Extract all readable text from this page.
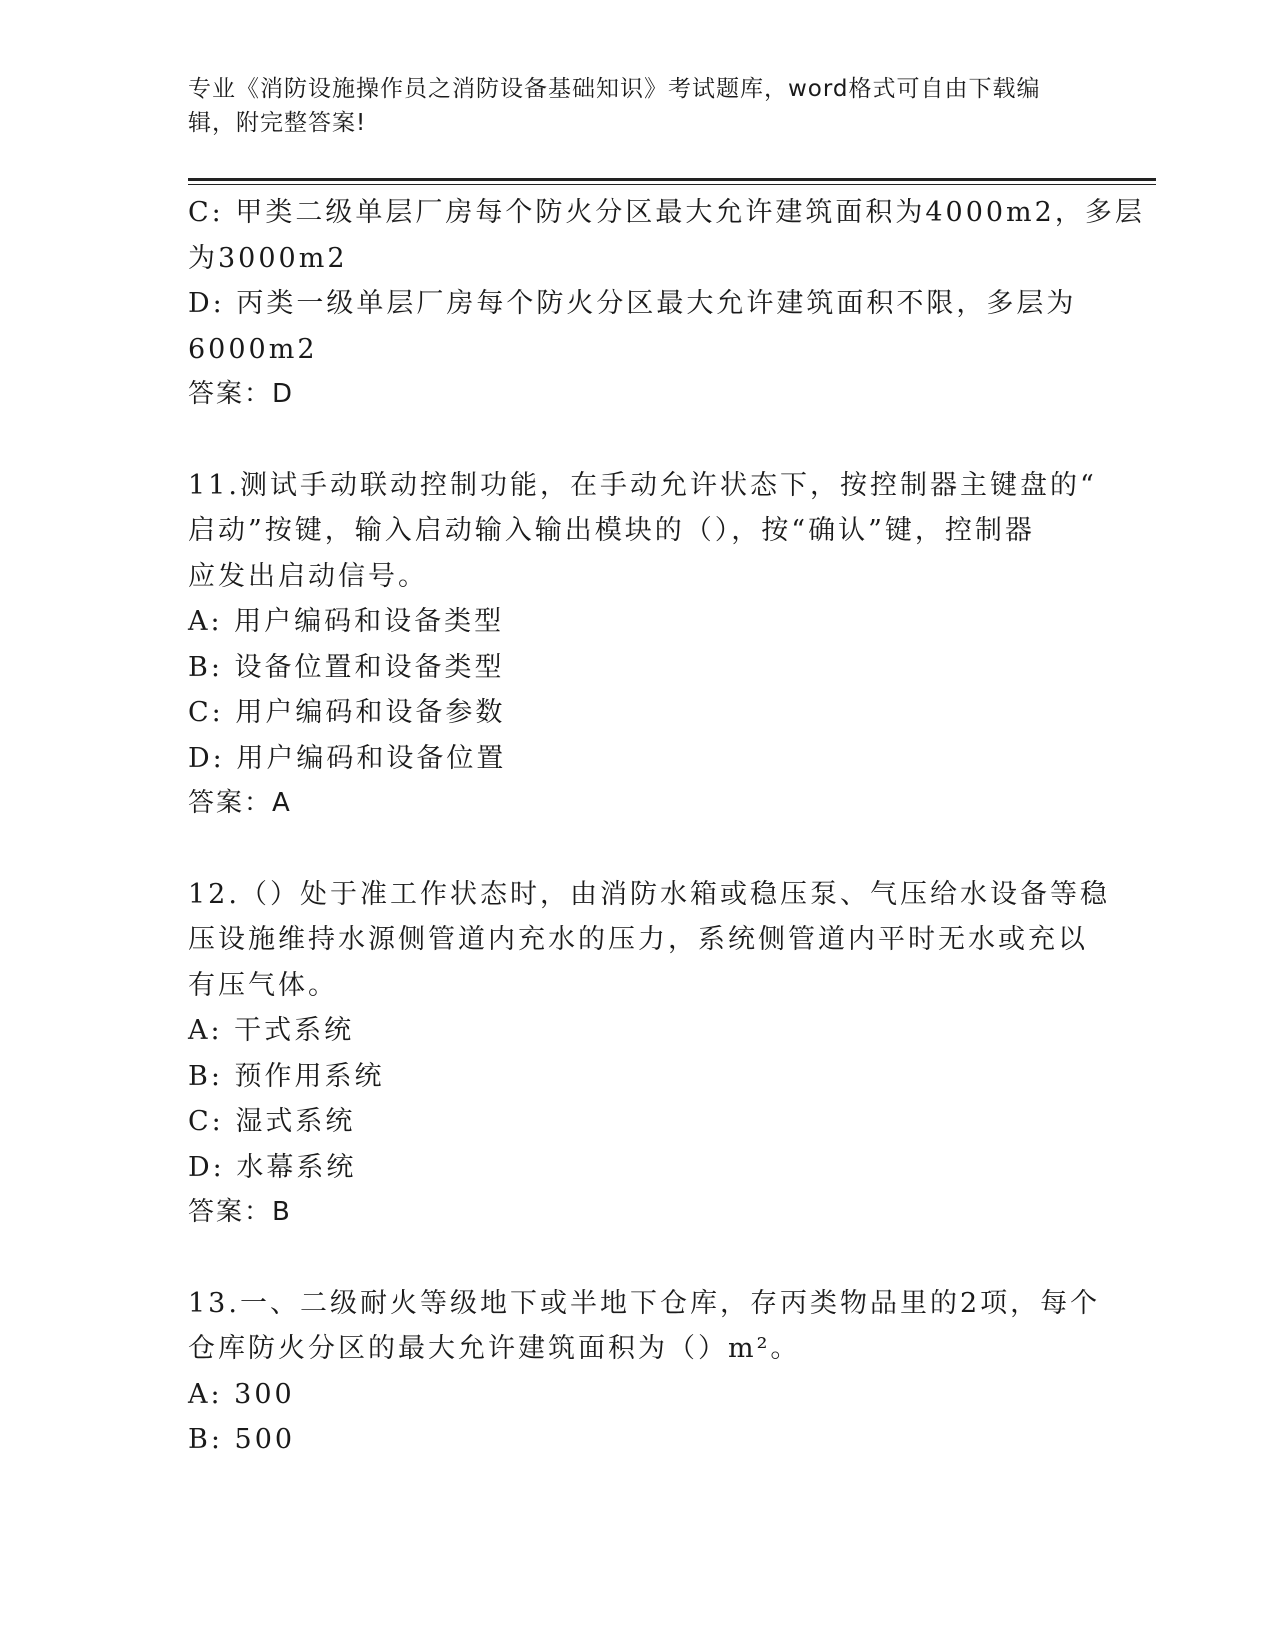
专业《消防设施操作员之消防设备基础知识》考试题库，word格式可自由下载编
辑，附完整答案!
C: 甲类二级单层厂房每个防火分区最大允许建筑面积为4000m2，多层
为3000m2
D: 丙类一级单层厂房每个防火分区最大允许建筑面积不限，多层为
6000m2
答案：D
11.测试手动联动控制功能，在手动允许状态下，按控制器主键盘的“
启动”按键，输入启动输入输出模块的（），按“确认”键，控制器
应发出启动信号。
A: 用户编码和设备类型
B: 设备位置和设备类型
C: 用户编码和设备参数
D: 用户编码和设备位置
答案：A
12.（）处于准工作状态时，由消防水箱或稳压泵、气压给水设备等稳
压设施维持水源侧管道内充水的压力，系统侧管道内平时无水或充以
有压气体。
A: 干式系统
B: 预作用系统
C: 湿式系统
D: 水幕系统
答案：B
13.一、二级耐火等级地下或半地下仓库，存丙类物品里的2项，每个
仓库防火分区的最大允许建筑面积为（）m²。
A: 300
B: 500
